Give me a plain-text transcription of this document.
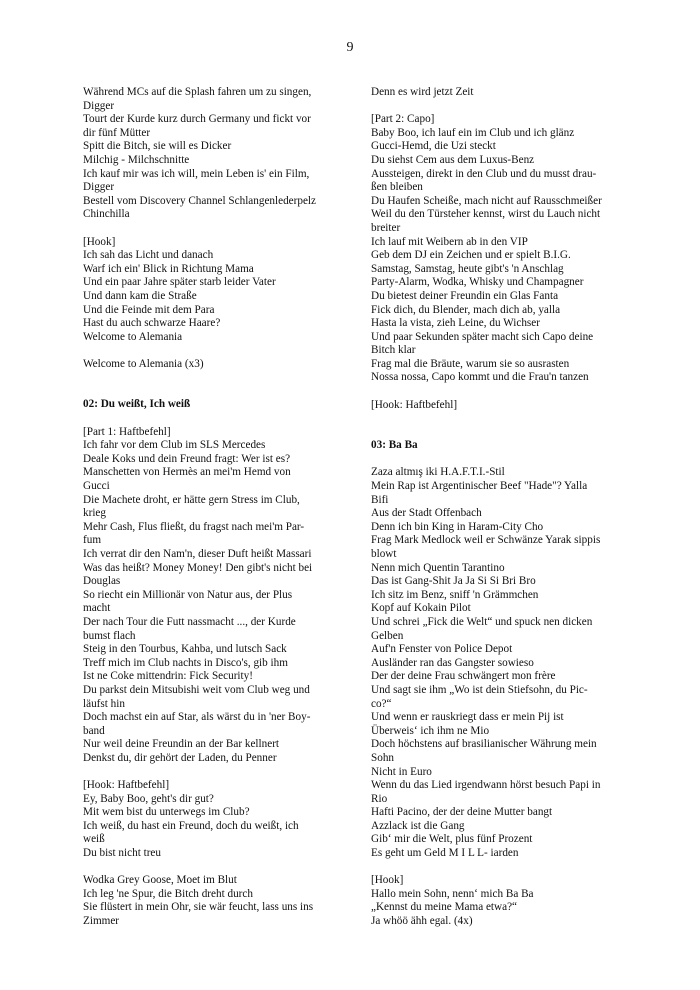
9
Während MCs auf die Splash fahren um zu singen,
Digger
Tourt der Kurde kurz durch Germany und fickt vor
dir fünf Mütter
Spitt die Bitch, sie will es Dicker
Milchig - Milchschnitte
Ich kauf mir was ich will, mein Leben is' ein Film,
Digger
Bestell vom Discovery Channel Schlangenlederpelz
Chinchilla
[Hook]
Ich sah das Licht und danach
Warf ich ein' Blick in Richtung Mama
Und ein paar Jahre später starb leider Vater
Und dann kam die Straße
Und die Feinde mit dem Para
Hast du auch schwarze Haare?
Welcome to Alemania
Welcome to Alemania (x3)
02: Du weißt, Ich weiß
[Part 1: Haftbefehl]
Ich fahr vor dem Club im SLS Mercedes
Deale Koks und dein Freund fragt: Wer ist es?
Manschetten von Hermès an mei'm Hemd von
Gucci
Die Machete droht, er hätte gern Stress im Club,
krieg
Mehr Cash, Flus fließt, du fragst nach mei'm Par-
fum
Ich verrat dir den Nam'n, dieser Duft heißt Massari
Was das heißt? Money Money! Den gibt's nicht bei
Douglas
So riecht ein Millionär von Natur aus, der Plus
macht
Der nach Tour die Futt nassmacht ..., der Kurde
bumst flach
Steig in den Tourbus, Kahba, und lutsch Sack
Treff mich im Club nachts in Disco's, gib ihm
Ist ne Coke mittendrin: Fick Security!
Du parkst dein Mitsubishi weit vom Club weg und
läufst hin
Doch machst ein auf Star, als wärst du in 'ner Boy-
band
Nur weil deine Freundin an der Bar kellnert
Denkst du, dir gehört der Laden, du Penner
[Hook: Haftbefehl]
Ey, Baby Boo, geht's dir gut?
Mit wem bist du unterwegs im Club?
Ich weiß, du hast ein Freund, doch du weißt, ich
weiß
Du bist nicht treu
Wodka Grey Goose, Moet im Blut
Ich leg 'ne Spur, die Bitch dreht durch
Sie flüstert in mein Ohr, sie wär feucht, lass uns ins
Zimmer
Denn es wird jetzt Zeit
[Part 2: Capo]
Baby Boo, ich lauf ein im Club und ich glänz
Gucci-Hemd, die Uzi steckt
Du siehst Cem aus dem Luxus-Benz
Aussteigen, direkt in den Club und du musst drau-
ßen bleiben
Du Haufen Scheiße, mach nicht auf Rausschmeißer
Weil du den Türsteher kennst, wirst du Lauch nicht
breiter
Ich lauf mit Weibern ab in den VIP
Geb dem DJ ein Zeichen und er spielt B.I.G.
Samstag, Samstag, heute gibt's 'n Anschlag
Party-Alarm, Wodka, Whisky und Champagner
Du bietest deiner Freundin ein Glas Fanta
Fick dich, du Blender, mach dich ab, yalla
Hasta la vista, zieh Leine, du Wichser
Und paar Sekunden später macht sich Capo deine
Bitch klar
Frag mal die Bräute, warum sie so ausrasten
Nossa nossa, Capo kommt und die Frau'n tanzen
[Hook: Haftbefehl]
03: Ba Ba
Zaza altmış iki H.A.F.T.I.-Stil
Mein Rap ist Argentinischer Beef "Hade"? Yalla
Bifi
Aus der Stadt Offenbach
Denn ich bin King in Haram-City Cho
Frag Mark Medlock weil er Schwänze Yarak sippis
blowt
Nenn mich Quentin Tarantino
Das ist Gang-Shit Ja Ja Si Si Bri Bro
Ich sitz im Benz, sniff 'n Grämmchen
Kopf auf Kokain Pilot
Und schrei „Fick die Welt“ und spuck nen dicken
Gelben
Auf'n Fenster von Police Depot
Ausländer ran das Gangster sowieso
Der der deine Frau schwängert mon frère
Und sagt sie ihm „Wo ist dein Stiefsohn, du Pic-
co?“
Und wenn er rauskriegt dass er mein Pij ist
Überweis‘ ich ihm ne Mio
Doch höchstens auf brasilianischer Währung mein
Sohn
Nicht in Euro
Wenn du das Lied irgendwann hörst besuch Papi in
Rio
Hafti Pacino, der der deine Mutter bangt
Azzlack ist die Gang
Gib‘ mir die Welt, plus fünf Prozent
Es geht um Geld M I L L- iarden
[Hook]
Hallo mein Sohn, nenn‘ mich Ba Ba
„Kennst du meine Mama etwa?“
Ja whöö ähh egal. (4x)
